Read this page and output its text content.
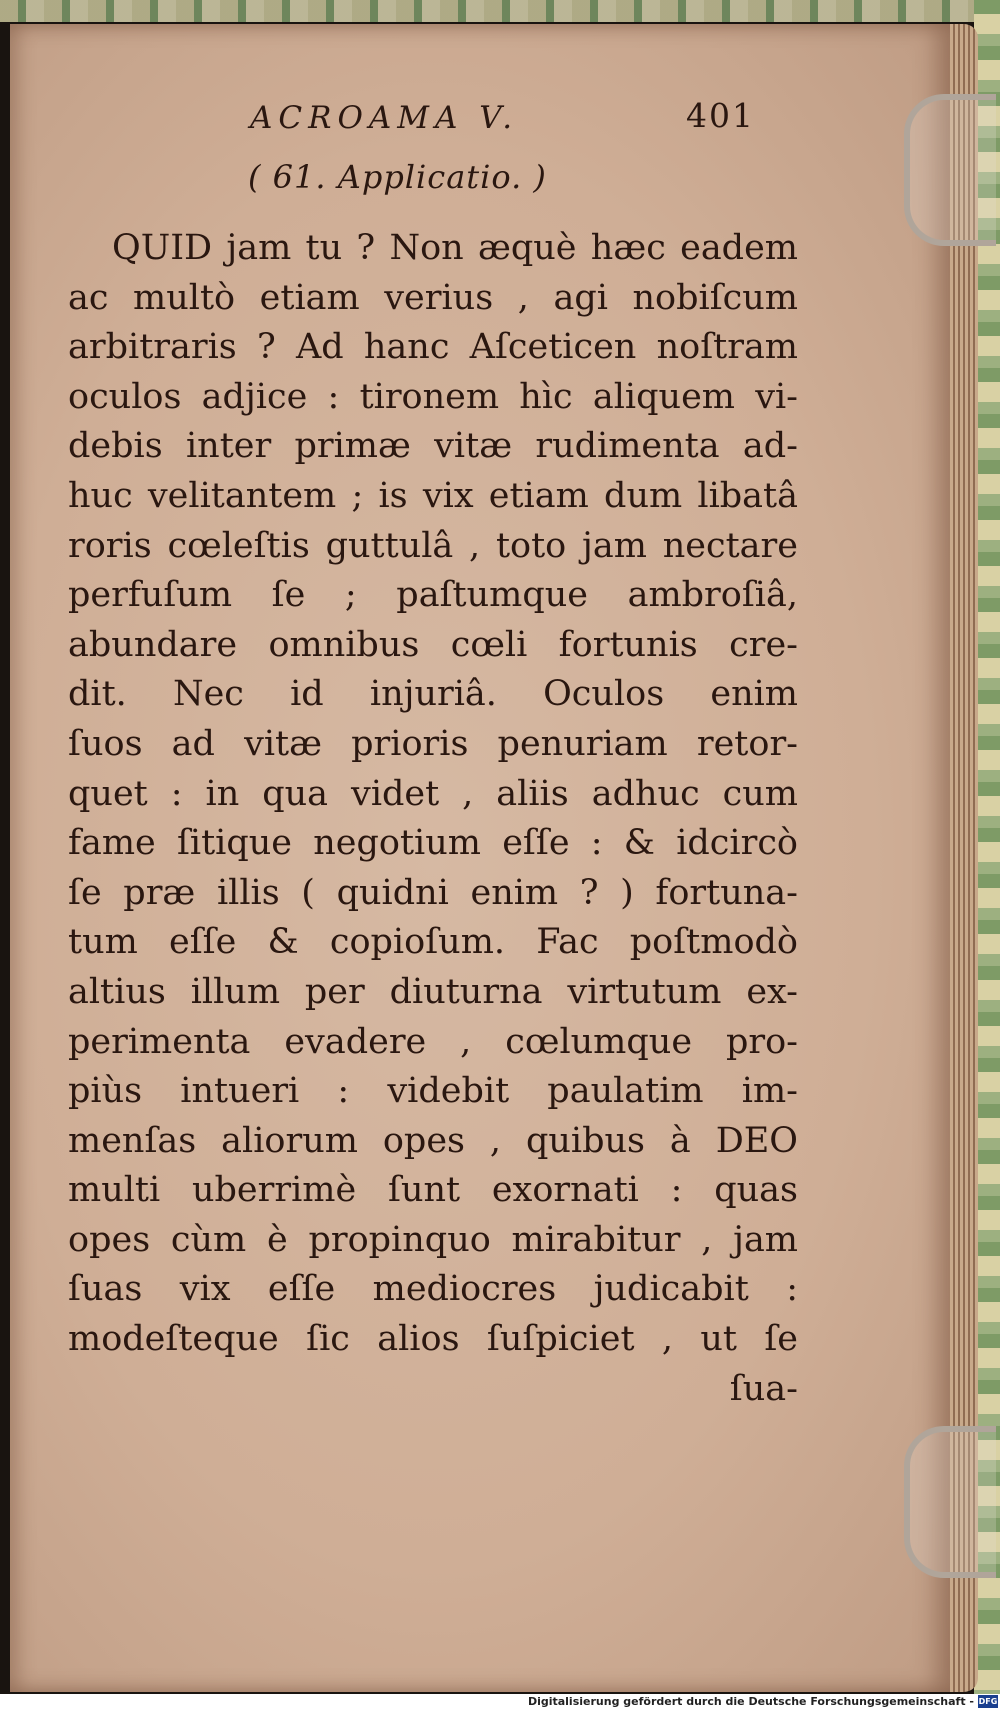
ACROAMA V.	401
( 61. Applicatio. )
QUID jam tu ? Non æquè hæc eadem
ac multò etiam verius , agi nobiſcum
arbitraris ? Ad hanc Aſceticen noſtram
oculos adjice : tironem hìc aliquem vi-
debis inter primæ vitæ rudimenta ad-
huc velitantem ; is vix etiam dum libatâ
roris cœleſtis guttulâ , toto jam nectare
perfuſum ſe ; paſtumque ambroſiâ,
abundare omnibus cœli fortunis cre-
dit. Nec id injuriâ. Oculos enim
ſuos ad vitæ prioris penuriam retor-
quet : in qua videt , aliis adhuc cum
fame ſitique negotium eſſe : & idcircò
ſe præ illis ( quidni enim ? ) fortuna-
tum eſſe & copioſum. Fac poſtmodò
altius illum per diuturna virtutum ex-
perimenta evadere , cœlumque pro-
piùs intueri : videbit paulatim im-
menſas aliorum opes , quibus à DEO
multi uberrimè ſunt exornati : quas
opes cùm è propinquo mirabitur , jam
ſuas vix eſſe mediocres judicabit :
modeſteque ſic alios ſuſpiciet , ut ſe
ſua-
Digitalisierung gefördert durch die Deutsche Forschungsgemeinschaft - DFG
